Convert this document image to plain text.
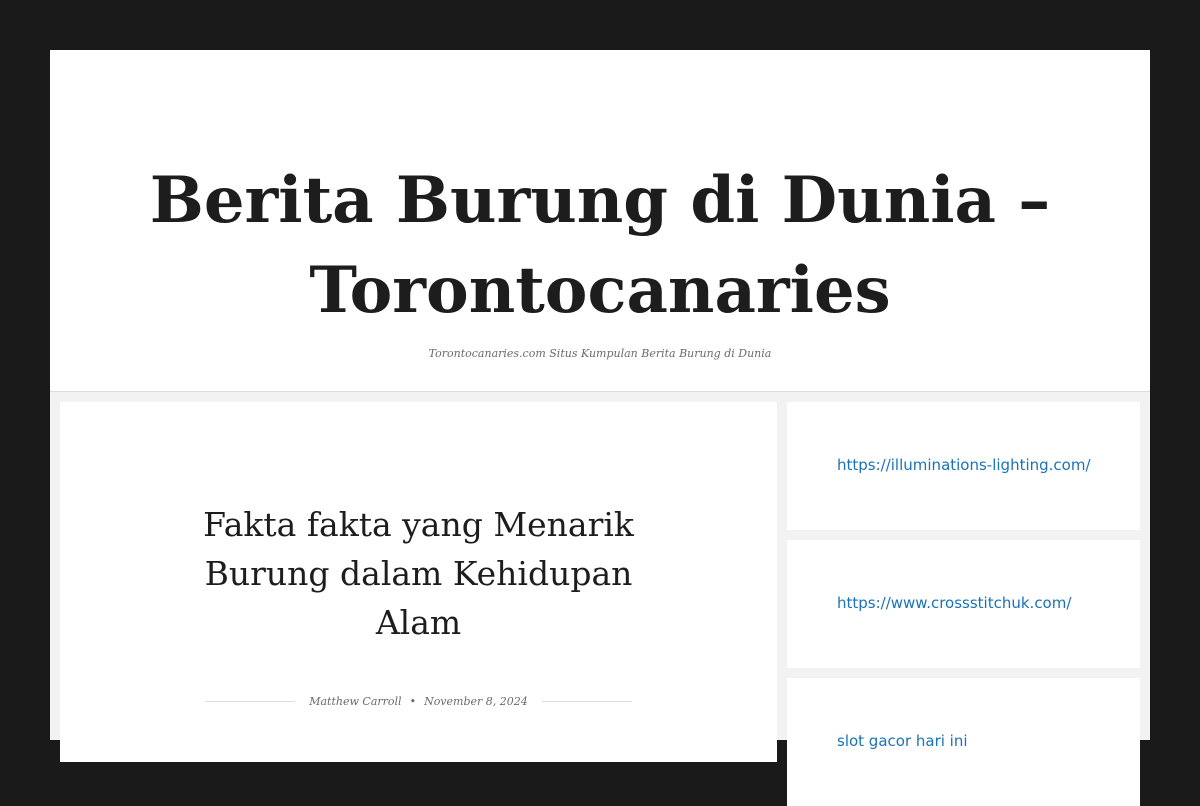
Berita Burung di Dunia –
Torontocanaries
Torontocanaries.com Situs Kumpulan Berita Burung di Dunia
Fakta fakta yang Menarik
Burung dalam Kehidupan
Alam
Matthew Carroll • November 8, 2024
https://illuminations-lighting.com/
https://www.crossstitchuk.com/
slot gacor hari ini
